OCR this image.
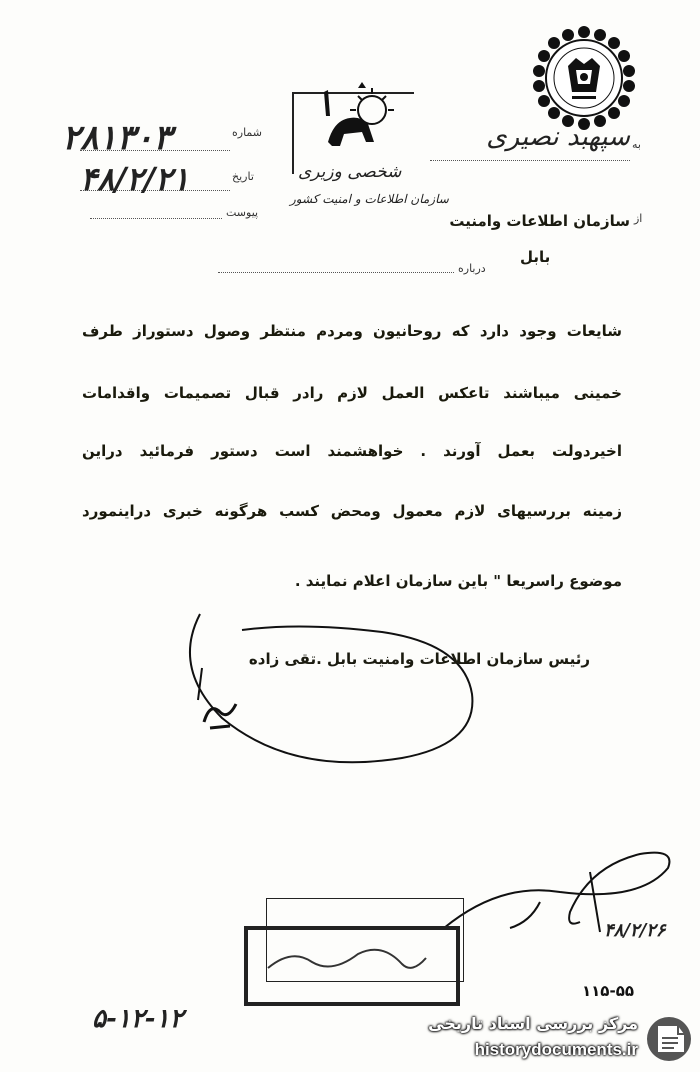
شخصی وزیری
سازمان اطلاعات و امنیت کشور
شماره
۲۸۱۳۰۳
تاریخ
۴۸/۲/۲۱
پیوست
به
سپهبد نصیری
از
سازمان اطلاعات وامنیت
بابل
درباره
شایعات وجود دارد که روحانیون ومردم منتظر وصول دستوراز طرف
خمینی میباشند تاعکس العمل لازم رادر قبال تصمیمات واقدامات
اخیردولت بعمل آورند . خواهشمند است دستور فرمائید دراین
زمینه بررسیهای لازم معمول ومحض کسب هرگونه خبری دراینمورد
موضوع راسریعا " باین سازمان اعلام نمایند .
رئیس سازمان اطلاعات وامنیت بابل .تقی زاده
۴۸/۲/۲۶
۱۱۵-۵۵
۵-۱۲-۱۲	مرکز بررسی اسناد تاریخی
historydocuments.ir
